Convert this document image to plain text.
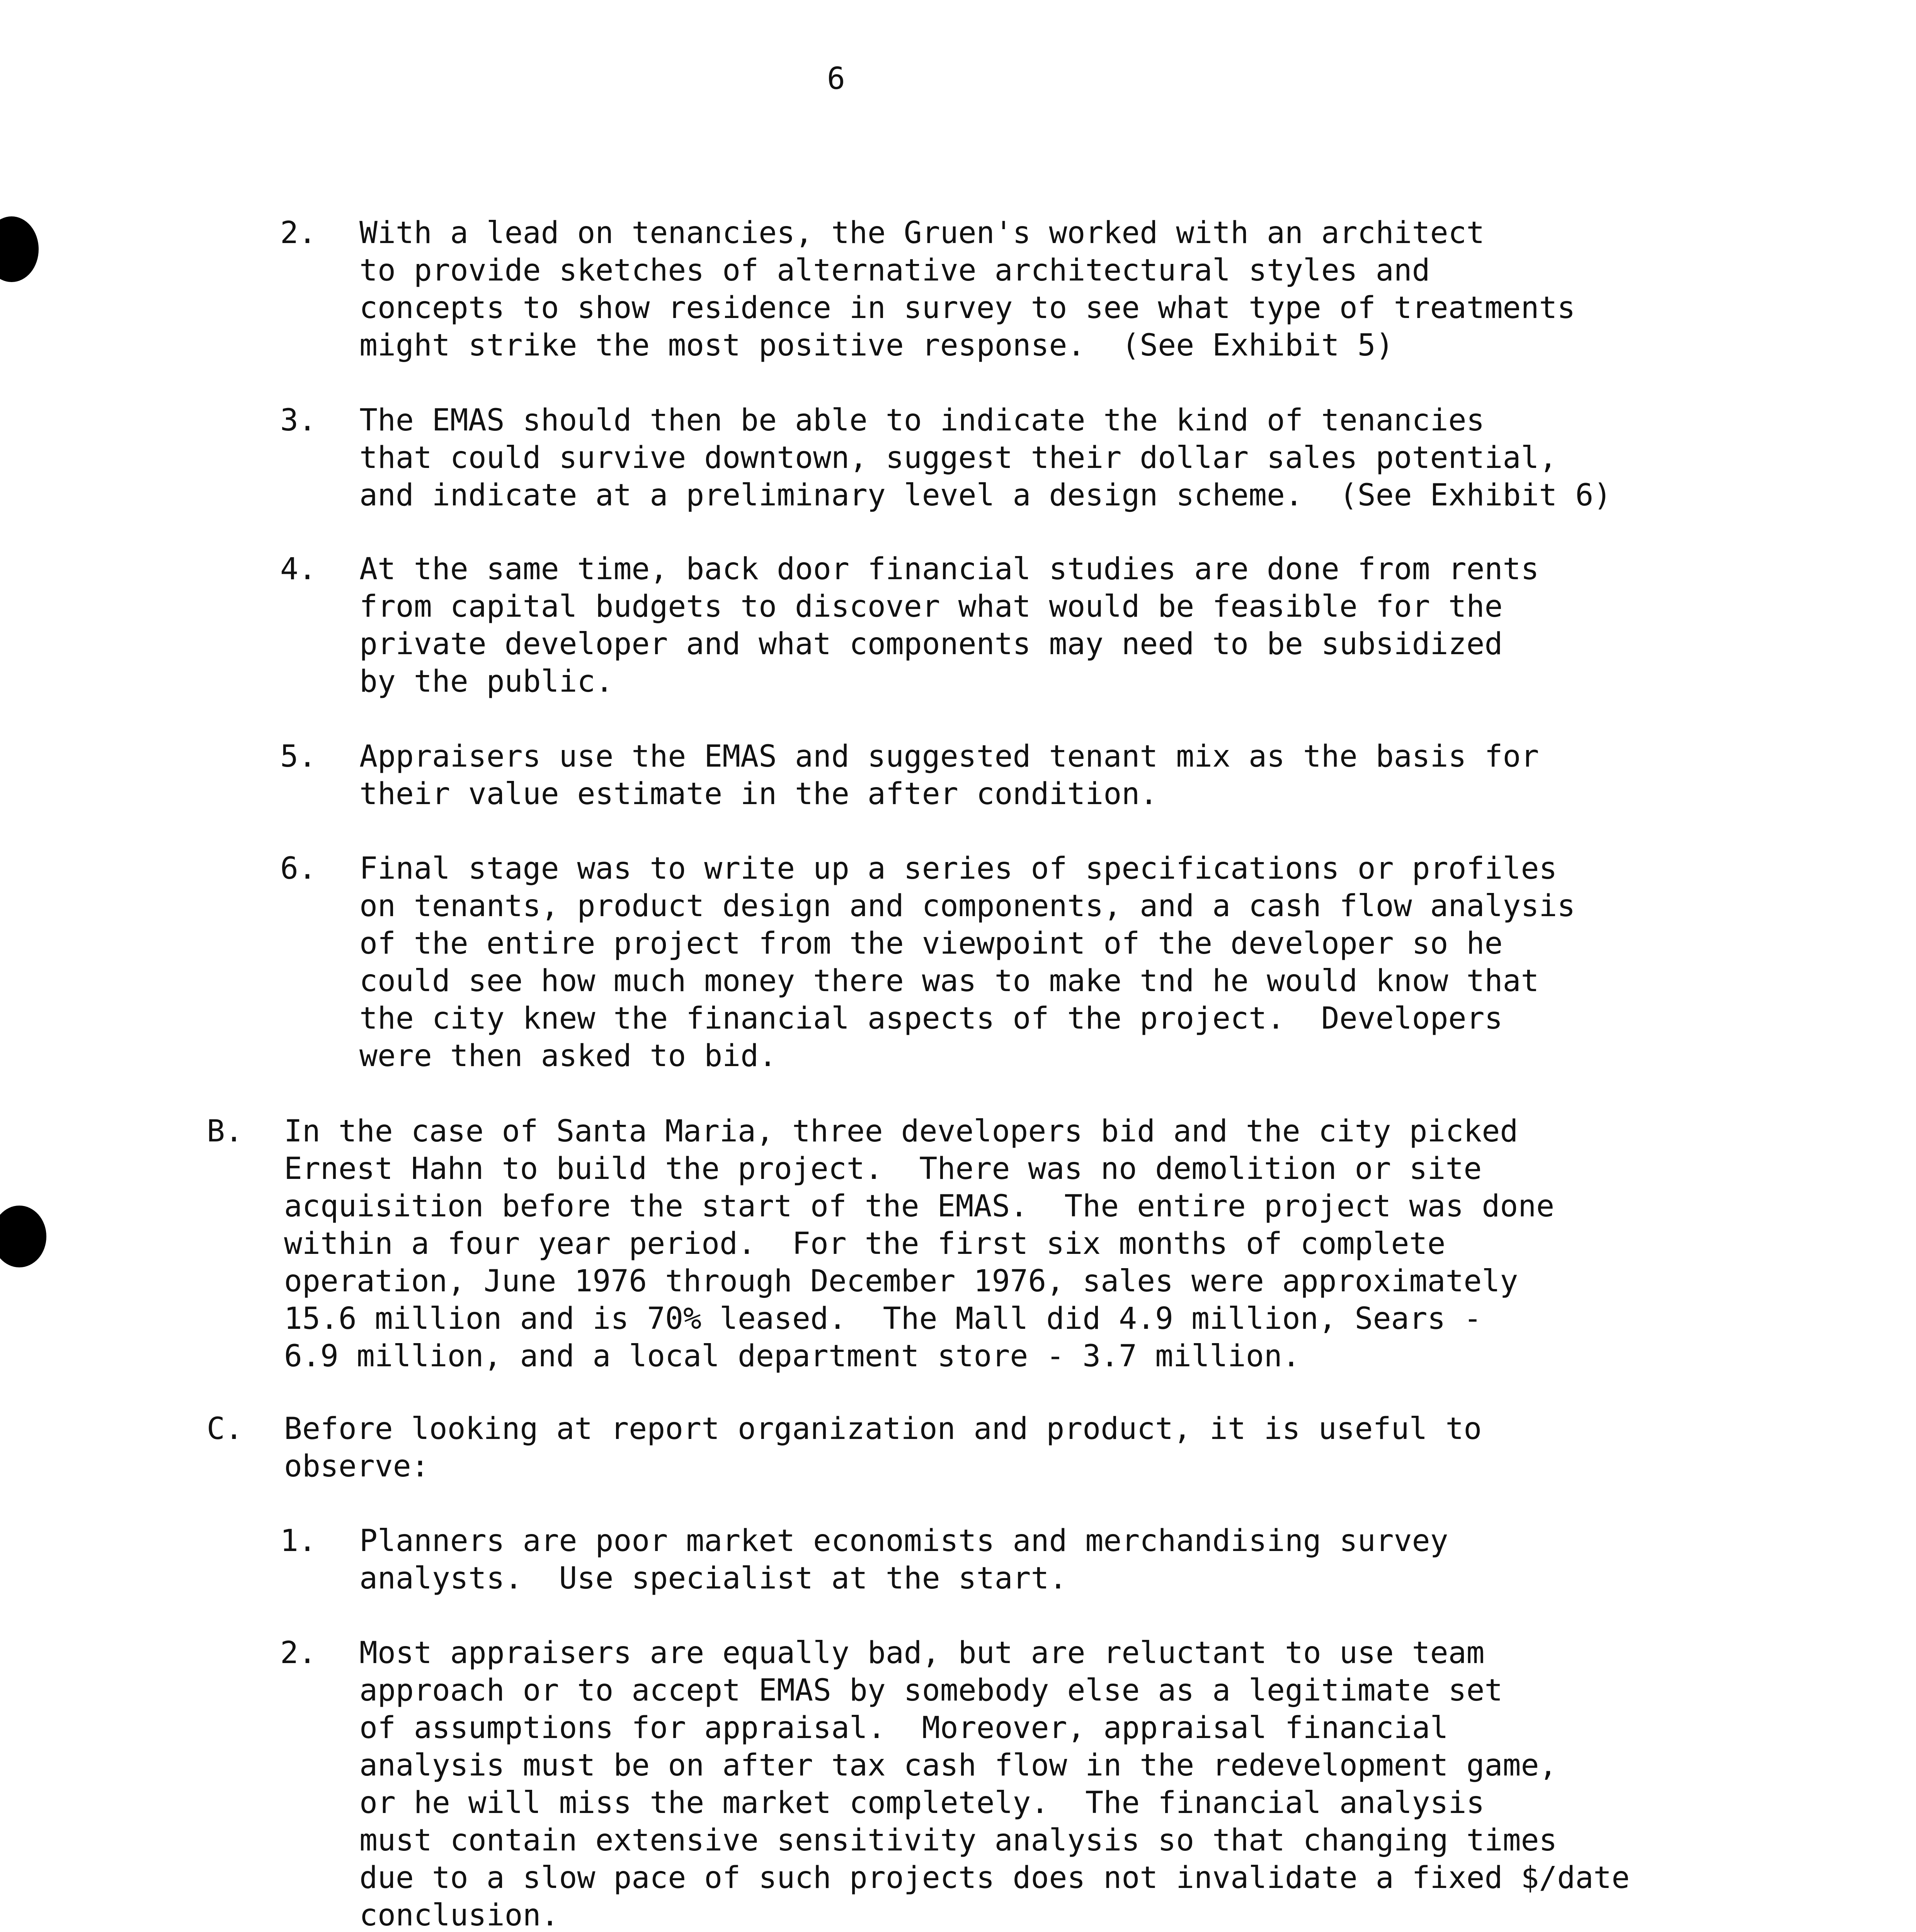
6
2. With a lead on tenancies, the Gruen's worked with an architect
to provide sketches of alternative architectural styles and
concepts to show residence in survey to see what type of treatments
might strike the most positive response.  (See Exhibit 5)
3. The EMAS should then be able to indicate the kind of tenancies
that could survive downtown, suggest their dollar sales potential,
and indicate at a preliminary level a design scheme.  (See Exhibit 6)
4. At the same time, back door financial studies are done from rents
from capital budgets to discover what would be feasible for the
private developer and what components may need to be subsidized
by the public.
5. Appraisers use the EMAS and suggested tenant mix as the basis for
their value estimate in the after condition.
6. Final stage was to write up a series of specifications or profiles
on tenants, product design and components, and a cash flow analysis
of the entire project from the viewpoint of the developer so he
could see how much money there was to make tnd he would know that
the city knew the financial aspects of the project.  Developers
were then asked to bid.
B. In the case of Santa Maria, three developers bid and the city picked
Ernest Hahn to build the project.  There was no demolition or site
acquisition before the start of the EMAS.  The entire project was done
within a four year period.  For the first six months of complete
operation, June 1976 through December 1976, sales were approximately
15.6 million and is 70% leased.  The Mall did 4.9 million, Sears -
6.9 million, and a local department store - 3.7 million.
C. Before looking at report organization and product, it is useful to
observe:
1. Planners are poor market economists and merchandising survey
analysts.  Use specialist at the start.
2. Most appraisers are equally bad, but are reluctant to use team
approach or to accept EMAS by somebody else as a legitimate set
of assumptions for appraisal.  Moreover, appraisal financial
analysis must be on after tax cash flow in the redevelopment game,
or he will miss the market completely.  The financial analysis
must contain extensive sensitivity analysis so that changing times
due to a slow pace of such projects does not invalidate a fixed $/date
conclusion.
